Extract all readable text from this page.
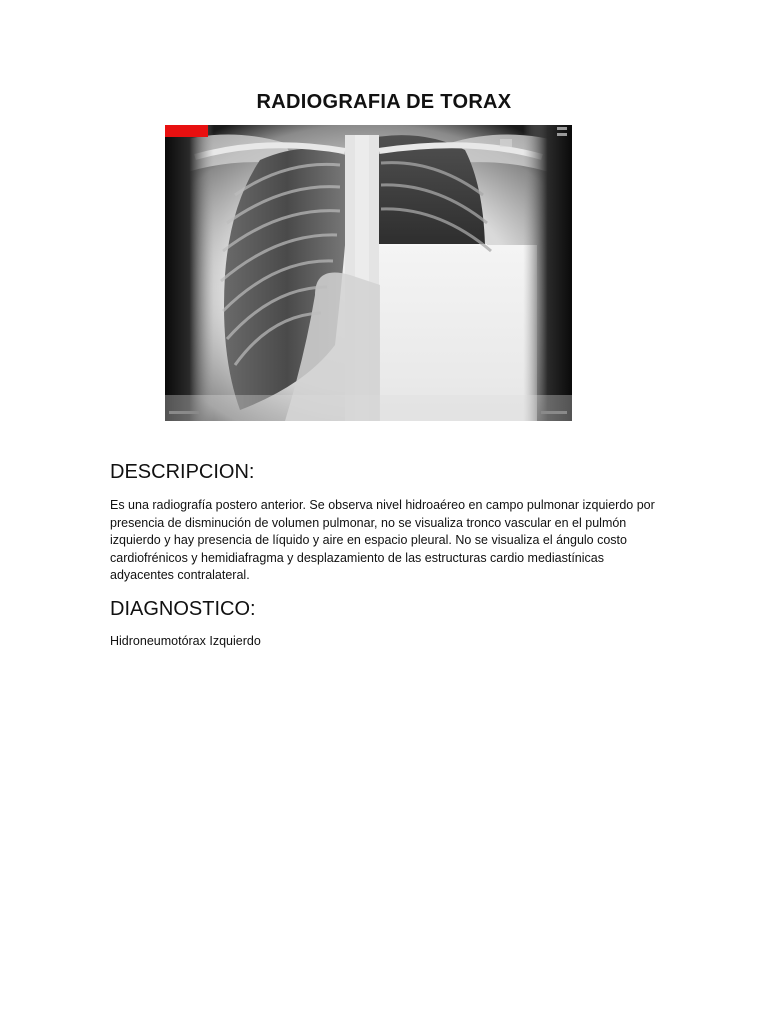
RADIOGRAFIA DE TORAX
DESCRIPCION:

Es una radiografía postero anterior. Se observa nivel hidroaéreo en campo pulmonar izquierdo por presencia de disminución de volumen pulmonar, no se visualiza tronco vascular en el pulmón izquierdo y hay presencia de líquido y aire en espacio pleural. No se visualiza el ángulo costo cardiofrénicos y hemidiafragma y desplazamiento de las estructuras cardio mediastínicas adyacentes contralateral.

DIAGNOSTICO:

Hidroneumotórax Izquierdo
